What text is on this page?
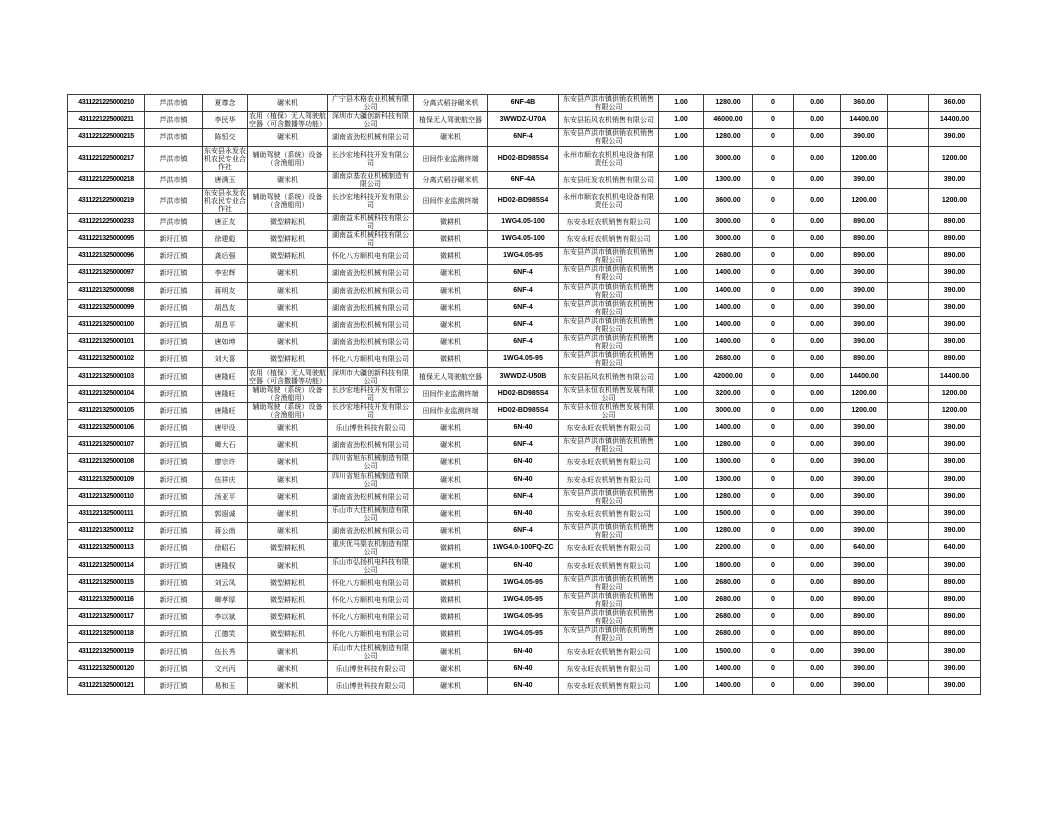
4311221225000210	芦洪市镇	夏尊念	碾米机	广宁县木格农业机械有限公司	分离式稻谷碾米机	6NF-4B	东安县芦洪市镇供销农机销售有限公司	1.00	1280.00	0	0.00	360.00		360.00
4311221225000211	芦洪市镇	李民华	农用（植保）无人驾驶航空器（可含撒播等功能）	深圳市大疆创新科技有限公司	植保无人驾驶航空器	3WWDZ-U70A	东安县拓风农机销售有限公司	1.00	46000.00	0	0.00	14400.00		14400.00
4311221225000215	芦洪市镇	陈恒交	碾米机	湖南省劲松机械有限公司	碾米机	6NF-4	东安县芦洪市镇供销农机销售有限公司	1.00	1280.00	0	0.00	390.00		390.00
4311221225000217	芦洪市镇	东安县永发农机农民专业合作社	辅助驾驶（系统）设备（含渔船用）	长沙宏地科技开发有限公司	田间作业监测终端	HD02-BD985S4	永州市顺农农机机电设备有限责任公司	1.00	3000.00	0	0.00	1200.00		1200.00
4311221225000218	芦洪市镇	唐满玉	碾米机	湖南京基农业机械制造有限公司	分离式稻谷碾米机	6NF-4A	东安县旺发农机销售有限公司	1.00	1300.00	0	0.00	390.00		390.00
4311221225000219	芦洪市镇	东安县永发农机农民专业合作社	辅助驾驶（系统）设备（含渔船用）	长沙宏地科技开发有限公司	田间作业监测终端	HD02-BD985S4	永州市顺农农机机电设备有限责任公司	1.00	3600.00	0	0.00	1200.00		1200.00
4311221225000233	芦洪市镇	唐正友	微型耕耘机	湖南益禾机械科技有限公司	微耕机	1WG4.05-100	东安永旺农机销售有限公司	1.00	3000.00	0	0.00	890.00		890.00
4311221325000095	新圩江镇	徐建彪	微型耕耘机	湖南益禾机械科技有限公司	微耕机	1WG4.05-100	东安永旺农机销售有限公司	1.00	3000.00	0	0.00	890.00		890.00
4311221325000096	新圩江镇	龚后强	微型耕耘机	怀化八方顺机电有限公司	微耕机	1WG4.05-95	东安县芦洪市镇供销农机销售有限公司	1.00	2680.00	0	0.00	890.00		890.00
4311221325000097	新圩江镇	李宏辉	碾米机	湖南省劲松机械有限公司	碾米机	6NF-4	东安县芦洪市镇供销农机销售有限公司	1.00	1400.00	0	0.00	390.00		390.00
4311221325000098	新圩江镇	蒋明友	碾米机	湖南省劲松机械有限公司	碾米机	6NF-4	东安县芦洪市镇供销农机销售有限公司	1.00	1400.00	0	0.00	390.00		390.00
4311221325000099	新圩江镇	胡昌友	碾米机	湖南省劲松机械有限公司	碾米机	6NF-4	东安县芦洪市镇供销农机销售有限公司	1.00	1400.00	0	0.00	390.00		390.00
4311221325000100	新圩江镇	胡息平	碾米机	湖南省劲松机械有限公司	碾米机	6NF-4	东安县芦洪市镇供销农机销售有限公司	1.00	1400.00	0	0.00	390.00		390.00
4311221325000101	新圩江镇	唐如坤	碾米机	湖南省劲松机械有限公司	碾米机	6NF-4	东安县芦洪市镇供销农机销售有限公司	1.00	1400.00	0	0.00	390.00		390.00
4311221325000102	新圩江镇	刘大喜	微型耕耘机	怀化八方顺机电有限公司	微耕机	1WG4.05-95	东安县芦洪市镇供销农机销售有限公司	1.00	2680.00	0	0.00	890.00		890.00
4311221325000103	新圩江镇	唐隆旺	农用（植保）无人驾驶航空器（可含撒播等功能）	深圳市大疆创新科技有限公司	植保无人驾驶航空器	3WWDZ-U50B	东安县拓风农机销售有限公司	1.00	42000.00	0	0.00	14400.00		14400.00
4311221325000104	新圩江镇	唐隆旺	辅助驾驶（系统）设备（含渔船用）	长沙宏地科技开发有限公司	田间作业监测终端	HD02-BD985S4	东安县永恒农机销售发展有限公司	1.00	3200.00	0	0.00	1200.00		1200.00
4311221325000105	新圩江镇	唐隆旺	辅助驾驶（系统）设备（含渔船用）	长沙宏地科技开发有限公司	田间作业监测终端	HD02-BD985S4	东安县永恒农机销售发展有限公司	1.00	3000.00	0	0.00	1200.00		1200.00
4311221325000106	新圩江镇	唐甲设	碾米机	乐山博世科技有限公司	碾米机	6N-40	东安永旺农机销售有限公司	1.00	1400.00	0	0.00	390.00		390.00
4311221325000107	新圩江镇	卿大石	碾米机	湖南省劲松机械有限公司	碾米机	6NF-4	东安县芦洪市镇供销农机销售有限公司	1.00	1280.00	0	0.00	390.00		390.00
4311221325000108	新圩江镇	廖宗许	碾米机	四川省旭东机械制造有限公司	碾米机	6N-40	东安永旺农机销售有限公司	1.00	1300.00	0	0.00	390.00		390.00
4311221325000109	新圩江镇	伍祥庆	碾米机	四川省旭东机械制造有限公司	碾米机	6N-40	东安永旺农机销售有限公司	1.00	1300.00	0	0.00	390.00		390.00
4311221325000110	新圩江镇	汤亚平	碾米机	湖南省劲松机械有限公司	碾米机	6NF-4	东安县芦洪市镇供销农机销售有限公司	1.00	1280.00	0	0.00	390.00		390.00
4311221325000111	新圩江镇	郭遐诚	碾米机	乐山市大佳机械制造有限公司	碾米机	6N-40	东安永旺农机销售有限公司	1.00	1500.00	0	0.00	390.00		390.00
4311221325000112	新圩江镇	蒋公南	碾米机	湖南省劲松机械有限公司	碾米机	6NF-4	东安县芦洪市镇供销农机销售有限公司	1.00	1280.00	0	0.00	390.00		390.00
4311221325000113	新圩江镇	徐昭石	微型耕耘机	重庆优马渠农机制造有限公司	微耕机	1WG4.0-100FQ-ZC	东安永旺农机销售有限公司	1.00	2200.00	0	0.00	640.00		640.00
4311221325000114	新圩江镇	唐隆权	碾米机	乐山市弘扬机电科技有限公司	碾米机	6N-40	东安永旺农机销售有限公司	1.00	1800.00	0	0.00	390.00		390.00
4311221325000115	新圩江镇	刘云凤	微型耕耘机	怀化八方顺机电有限公司	微耕机	1WG4.05-95	东安县芦洪市镇供销农机销售有限公司	1.00	2680.00	0	0.00	890.00		890.00
4311221325000116	新圩江镇	卿孝厚	微型耕耘机	怀化八方顺机电有限公司	微耕机	1WG4.05-95	东安县芦洪市镇供销农机销售有限公司	1.00	2680.00	0	0.00	890.00		890.00
4311221325000117	新圩江镇	李以斌	微型耕耘机	怀化八方顺机电有限公司	微耕机	1WG4.05-95	东安县芦洪市镇供销农机销售有限公司	1.00	2680.00	0	0.00	890.00		890.00
4311221325000118	新圩江镇	江德笑	微型耕耘机	怀化八方顺机电有限公司	微耕机	1WG4.05-95	东安县芦洪市镇供销农机销售有限公司	1.00	2680.00	0	0.00	890.00		890.00
4311221325000119	新圩江镇	伍长秀	碾米机	乐山市大佳机械制造有限公司	碾米机	6N-40	东安永旺农机销售有限公司	1.00	1500.00	0	0.00	390.00		390.00
4311221325000120	新圩江镇	文兴丙	碾米机	乐山博世科技有限公司	碾米机	6N-40	东安永旺农机销售有限公司	1.00	1400.00	0	0.00	390.00		390.00
4311221325000121	新圩江镇	易和玉	碾米机	乐山博世科技有限公司	碾米机	6N-40	东安永旺农机销售有限公司	1.00	1400.00	0	0.00	390.00		390.00
